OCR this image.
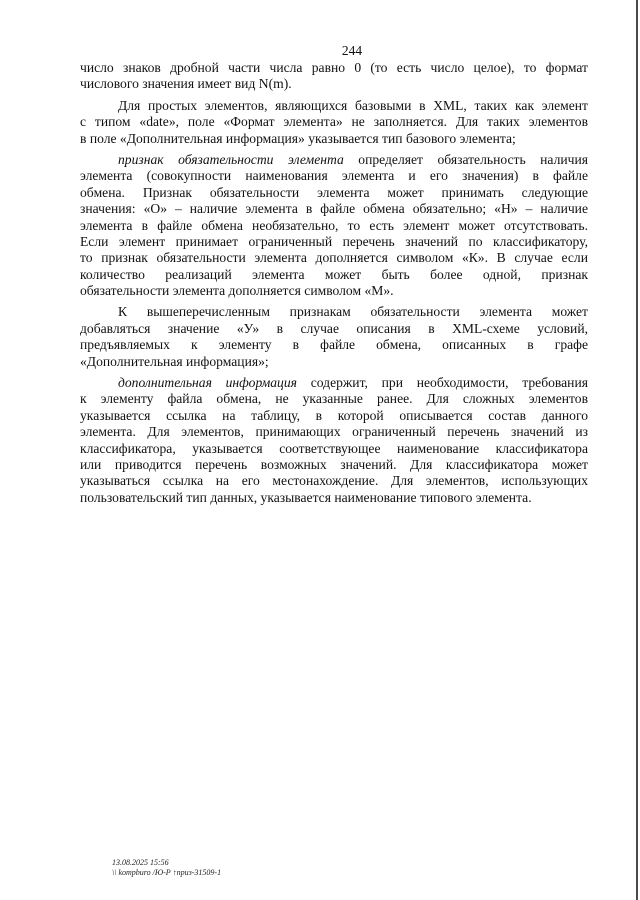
244
число знаков дробной части числа равно 0 (то есть число целое), то формат
числового значения имеет вид N(m).
Для простых элементов, являющихся базовыми в XML, таких как элемент
с типом «date», поле «Формат элемента» не заполняется. Для таких элементов
в поле «Дополнительная информация» указывается тип базового элемента;
признак обязательности элемента определяет обязательность наличия
элемента (совокупности наименования элемента и его значения) в файле
обмена. Признак обязательности элемента может принимать следующие
значения: «О» – наличие элемента в файле обмена обязательно; «Н» – наличие
элемента в файле обмена необязательно, то есть элемент может отсутствовать.
Если элемент принимает ограниченный перечень значений по классификатору,
то признак обязательности элемента дополняется символом «К». В случае если
количество реализаций элемента может быть более одной, признак
обязательности элемента дополняется символом «М».
К вышеперечисленным признакам обязательности элемента может
добавляться значение «У» в случае описания в XML-схеме условий,
предъявляемых к элементу в файле обмена, описанных в графе
«Дополнительная информация»;
дополнительная информация содержит, при необходимости, требования
к элементу файла обмена, не указанные ранее. Для сложных элементов
указывается ссылка на таблицу, в которой описывается состав данного
элемента. Для элементов, принимающих ограниченный перечень значений из
классификатора, указывается соответствующее наименование классификатора
или приводится перечень возможных значений. Для классификатора может
указываться ссылка на его местонахождение. Для элементов, использующих
пользовательский тип данных, указывается наименование типового элемента.
13.08.2025 15:56
\\ kompburo /Ю-Р ↑приз-31509-1
